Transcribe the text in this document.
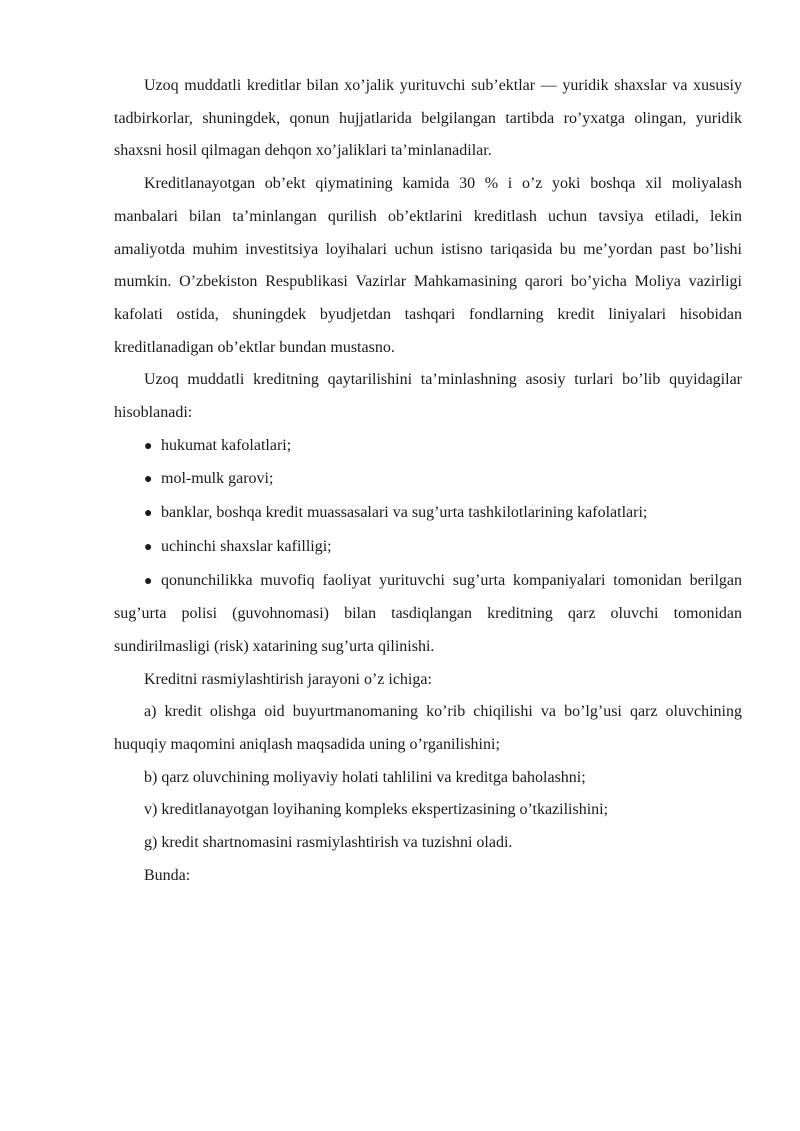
Uzoq muddatli kreditlar bilan xo’jalik yurituvchi sub’ektlar — yuridik shaxslar va xususiy tadbirkorlar, shuningdek, qonun hujjatlarida belgilangan tartibda ro’yxatga olingan, yuridik shaxsni hosil qilmagan dehqon xo’jaliklari ta’minlanadilar.

Kreditlanayotgan ob’ekt qiymatining kamida 30 % i o’z yoki boshqa xil moliyalash manbalari bilan ta’minlangan qurilish ob’ektlarini kreditlash uchun tavsiya etiladi, lekin amaliyotda muhim investitsiya loyihalari uchun istisno tariqasida bu me’yordan past bo’lishi mumkin. O’zbekiston Respublikasi Vazirlar Mahkamasining qarori bo’yicha Moliya vazirligi kafolati ostida, shuningdek byudjetdan tashqari fondlarning kredit liniyalari hisobidan kreditlanadigan ob’ektlar bundan mustasno.

Uzoq muddatli kreditning qaytarilishini ta’minlashning asosiy turlari bo’lib quyidagilar hisoblanadi:

● hukumat kafolatlari;

● mol-mulk garovi;

● banklar, boshqa kredit muassasalari va sug’urta tashkilotlarining kafolatlari;

● uchinchi shaxslar kafilligi;

● qonunchilikka muvofiq faoliyat yurituvchi sug’urta kompaniyalari tomonidan berilgan sug’urta polisi (guvohnomasi) bilan tasdiqlangan kreditning qarz oluvchi tomonidan sundirilmasligi (risk) xatarining sug’urta qilinishi.

Kreditni rasmiylashtirish jarayoni o’z ichiga:

a) kredit olishga oid buyurtmanomaning ko’rib chiqilishi va bo’lg’usi qarz oluvchining huquqiy maqomini aniqlash maqsadida uning o’rganilishini;

b) qarz oluvchining moliyaviy holati tahlilini va kreditga baholashni;

v) kreditlanayotgan loyihaning kompleks ekspertizasining o’tkazilishini;

g) kredit shartnomasini rasmiylashtirish va tuzishni oladi.

Bunda:
